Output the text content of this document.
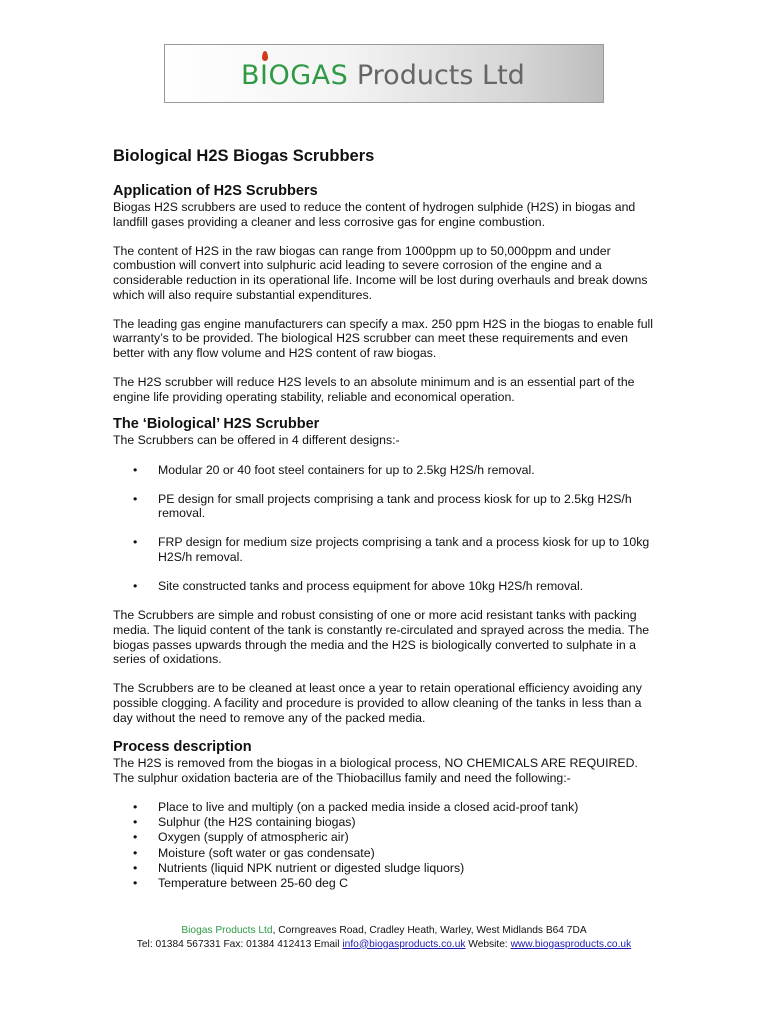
BIOGAS Products Ltd
Biological H2S Biogas Scrubbers
Application of H2S Scrubbers

Biogas H2S scrubbers are used to reduce the content of hydrogen sulphide (H2S) in biogas and landfill gases providing a cleaner and less corrosive gas for engine combustion.

The content of H2S in the raw biogas can range from 1000ppm up to 50,000ppm and under combustion will convert into sulphuric acid leading to severe corrosion of the engine and a considerable reduction in its operational life. Income will be lost during overhauls and break downs which will also require substantial expenditures.

The leading gas engine manufacturers can specify a max. 250 ppm H2S in the biogas to enable full warranty’s to be provided. The biological H2S scrubber can meet these requirements and even better with any flow volume and H2S content of raw biogas.

The H2S scrubber will reduce H2S levels to an absolute minimum and is an essential part of the engine life providing operating stability, reliable and economical operation.

The ‘Biological’ H2S Scrubber

The Scrubbers can be offered in 4 different designs:-

• Modular 20 or 40 foot steel containers for up to 2.5kg H2S/h removal.
• PE design for small projects comprising a tank and process kiosk for up to 2.5kg H2S/h removal.
• FRP design for medium size projects comprising a tank and a process kiosk for up to 10kg H2S/h removal.
• Site constructed tanks and process equipment for above 10kg H2S/h removal.

The Scrubbers are simple and robust consisting of one or more acid resistant tanks with packing media. The liquid content of the tank is constantly re-circulated and sprayed across the media. The biogas passes upwards through the media and the H2S is biologically converted to sulphate in a series of oxidations.

The Scrubbers are to be cleaned at least once a year to retain operational efficiency avoiding any possible clogging. A facility and procedure is provided to allow cleaning of the tanks in less than a day without the need to remove any of the packed media.

Process description

The H2S is removed from the biogas in a biological process, NO CHEMICALS ARE REQUIRED. The sulphur oxidation bacteria are of the Thiobacillus family and need the following:-

• Place to live and multiply (on a packed media inside a closed acid-proof tank)
• Sulphur (the H2S containing biogas)
• Oxygen (supply of atmospheric air)
• Moisture (soft water or gas condensate)
• Nutrients (liquid NPK nutrient or digested sludge liquors)
• Temperature between 25-60 deg C
Biogas Products Ltd, Corngreaves Road, Cradley Heath, Warley, West Midlands B64 7DA
Tel: 01384 567331 Fax: 01384 412413 Email info@biogasproducts.co.uk Website: www.biogasproducts.co.uk
